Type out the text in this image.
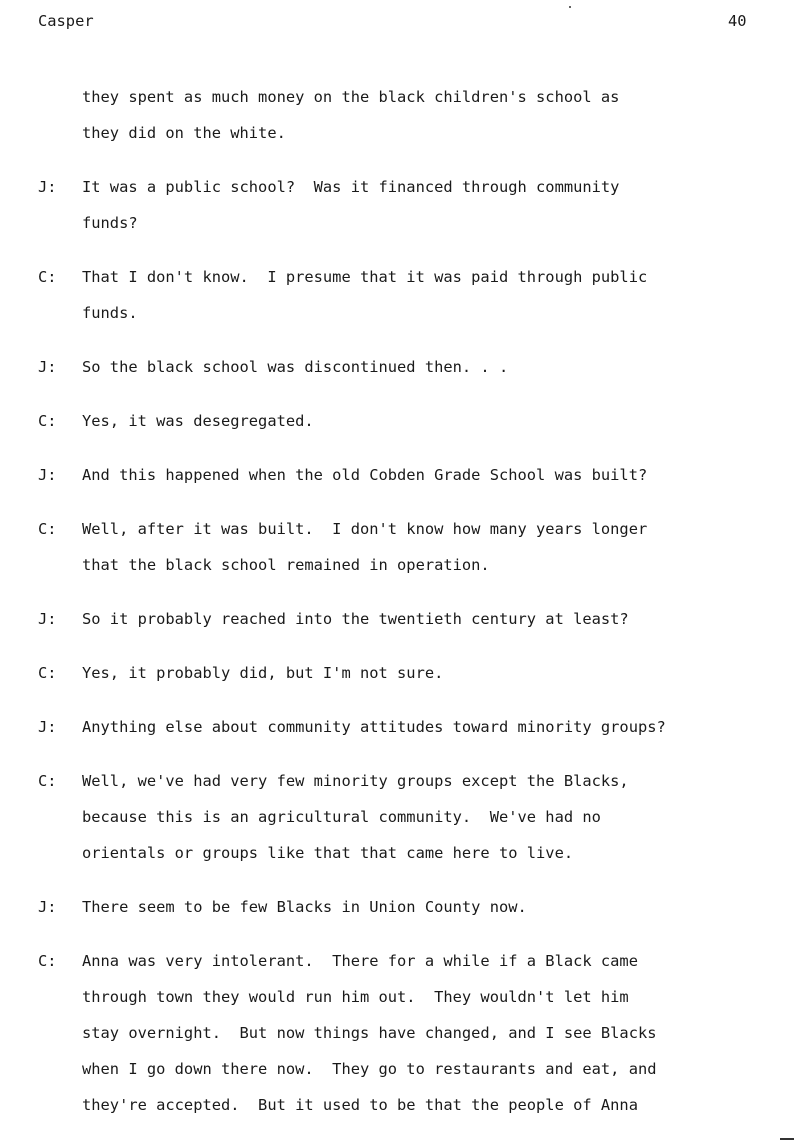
Casper	40
they spent as much money on the black children's school as
they did on the white.
J:	It was a public school?  Was it financed through community
funds?
C:	That I don't know.  I presume that it was paid through public
funds.
J:	So the black school was discontinued then. . .
C:	Yes, it was desegregated.
J:	And this happened when the old Cobden Grade School was built?
C:	Well, after it was built.  I don't know how many years longer
that the black school remained in operation.
J:	So it probably reached into the twentieth century at least?
C:	Yes, it probably did, but I'm not sure.
J:	Anything else about community attitudes toward minority groups?
C:	Well, we've had very few minority groups except the Blacks,
because this is an agricultural community.  We've had no
orientals or groups like that that came here to live.
J:	There seem to be few Blacks in Union County now.
C:	Anna was very intolerant.  There for a while if a Black came
through town they would run him out.  They wouldn't let him
stay overnight.  But now things have changed, and I see Blacks
when I go down there now.  They go to restaurants and eat, and
they're accepted.  But it used to be that the people of Anna
